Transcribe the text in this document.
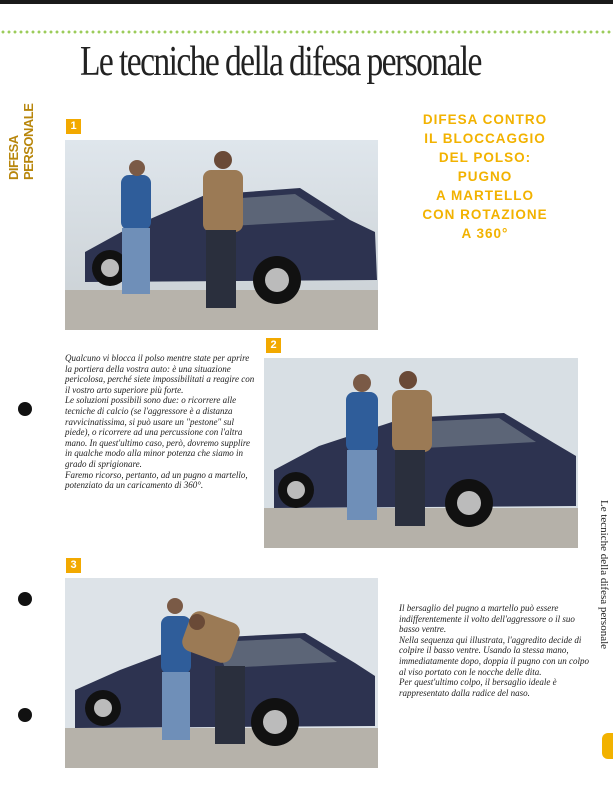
DIFESA PERSONALE
Le tecniche della difesa personale
DIFESA CONTRO
IL BLOCCAGGIO
DEL POLSO:
PUGNO
A MARTELLO
CON ROTAZIONE
A 360°
1
2
3

Qualcuno vi blocca il polso mentre state per aprire la portiera della vostra auto: è una situazione pericolosa, perché siete impossibilitati a reagire con il vostro arto superiore più forte.

Le soluzioni possibili sono due: o ricorrere alle tecniche di calcio (se l'aggressore è a distanza ravvicinatissima, si può usare un "pestone" sul piede), o ricorrere ad una percussione con l'altra mano. In quest'ultimo caso, però, dovremo supplire in qualche modo alla minor potenza che siamo in grado di sprigionare.

Faremo ricorso, pertanto, ad un pugno a martello, potenziato da un caricamento di 360°.

Il bersaglio del pugno a martello può essere indifferentemente il volto dell'aggressore o il suo basso ventre.

Nella sequenza qui illustrata, l'aggredito decide di colpire il basso ventre. Usando la stessa mano, immediatamente dopo, doppia il pugno con un colpo al viso portato con le nocche delle dita.

Per quest'ultimo colpo, il bersaglio ideale è rappresentato dalla radice del naso.

Le tecniche della difesa personale
